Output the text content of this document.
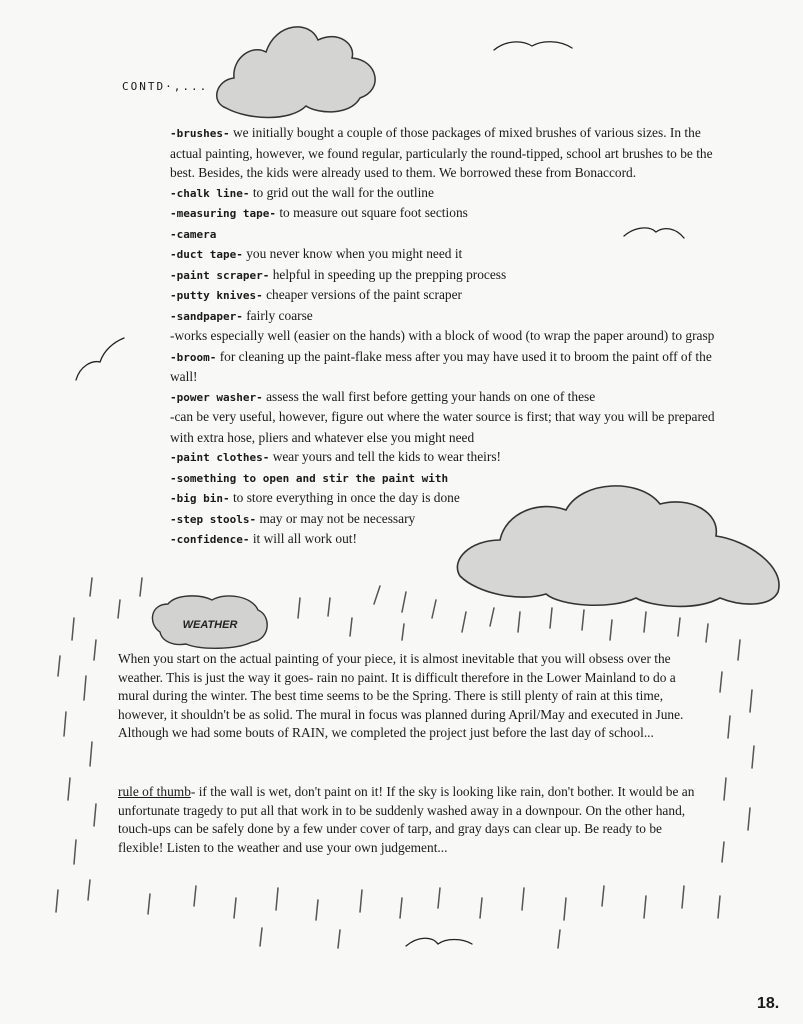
CONTD·,...

-brushes- we initially bought a couple of those packages of mixed brushes of various sizes. In the actual painting, however, we found regular, particularly the round-tipped, school art brushes to be the best. Besides, the kids were already used to them. We borrowed these from Bonaccord.

-chalk line- to grid out the wall for the outline

-measuring tape- to measure out square foot sections

-camera

-duct tape- you never know when you might need it

-paint scraper- helpful in speeding up the prepping process

-putty knives- cheaper versions of the paint scraper

-sandpaper- fairly coarse

-works especially well (easier on the hands) with a block of wood (to wrap the paper around) to grasp

-broom- for cleaning up the paint-flake mess after you may have used it to broom the paint off of the wall!

-power washer- assess the wall first before getting your hands on one of these

-can be very useful, however, figure out where the water source is first; that way you will be prepared with extra hose, pliers and whatever else you might need

-paint clothes- wear yours and tell the kids to wear theirs!

-something to open and stir the paint with

-big bin- to store everything in once the day is done

-step stools- may or may not be necessary

-confidence- it will all work out!

WEATHER

When you start on the actual painting of your piece, it is almost inevitable that you will obsess over the weather. This is just the way it goes- rain no paint. It is difficult therefore in the Lower Mainland to do a mural during the winter. The best time seems to be the Spring. There is still plenty of rain at this time, however, it shouldn't be as solid. The mural in focus was planned during April/May and executed in June. Although we had some bouts of RAIN, we completed the project just before the last day of school...

rule of thumb- if the wall is wet, don't paint on it! If the sky is looking like rain, don't bother. It would be an unfortunate tragedy to put all that work in to be suddenly washed away in a downpour. On the other hand, touch-ups can be safely done by a few under cover of tarp, and gray days can clear up. Be ready to be flexible! Listen to the weather and use your own judgement...

18.
